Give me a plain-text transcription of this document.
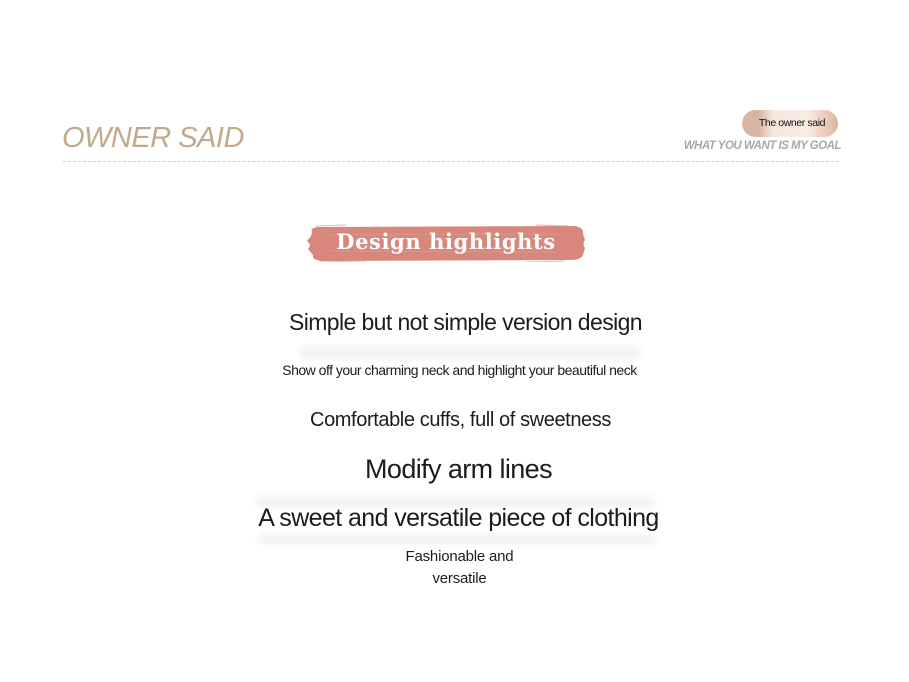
OWNER SAID	The owner said
WHAT YOU WANT IS MY GOAL
Design highlights
Simple but not simple version design
Show off your charming neck and highlight your beautiful neck
Comfortable cuffs, full of sweetness
Modify arm lines
A sweet and versatile piece of clothing
Fashionable and
versatile
